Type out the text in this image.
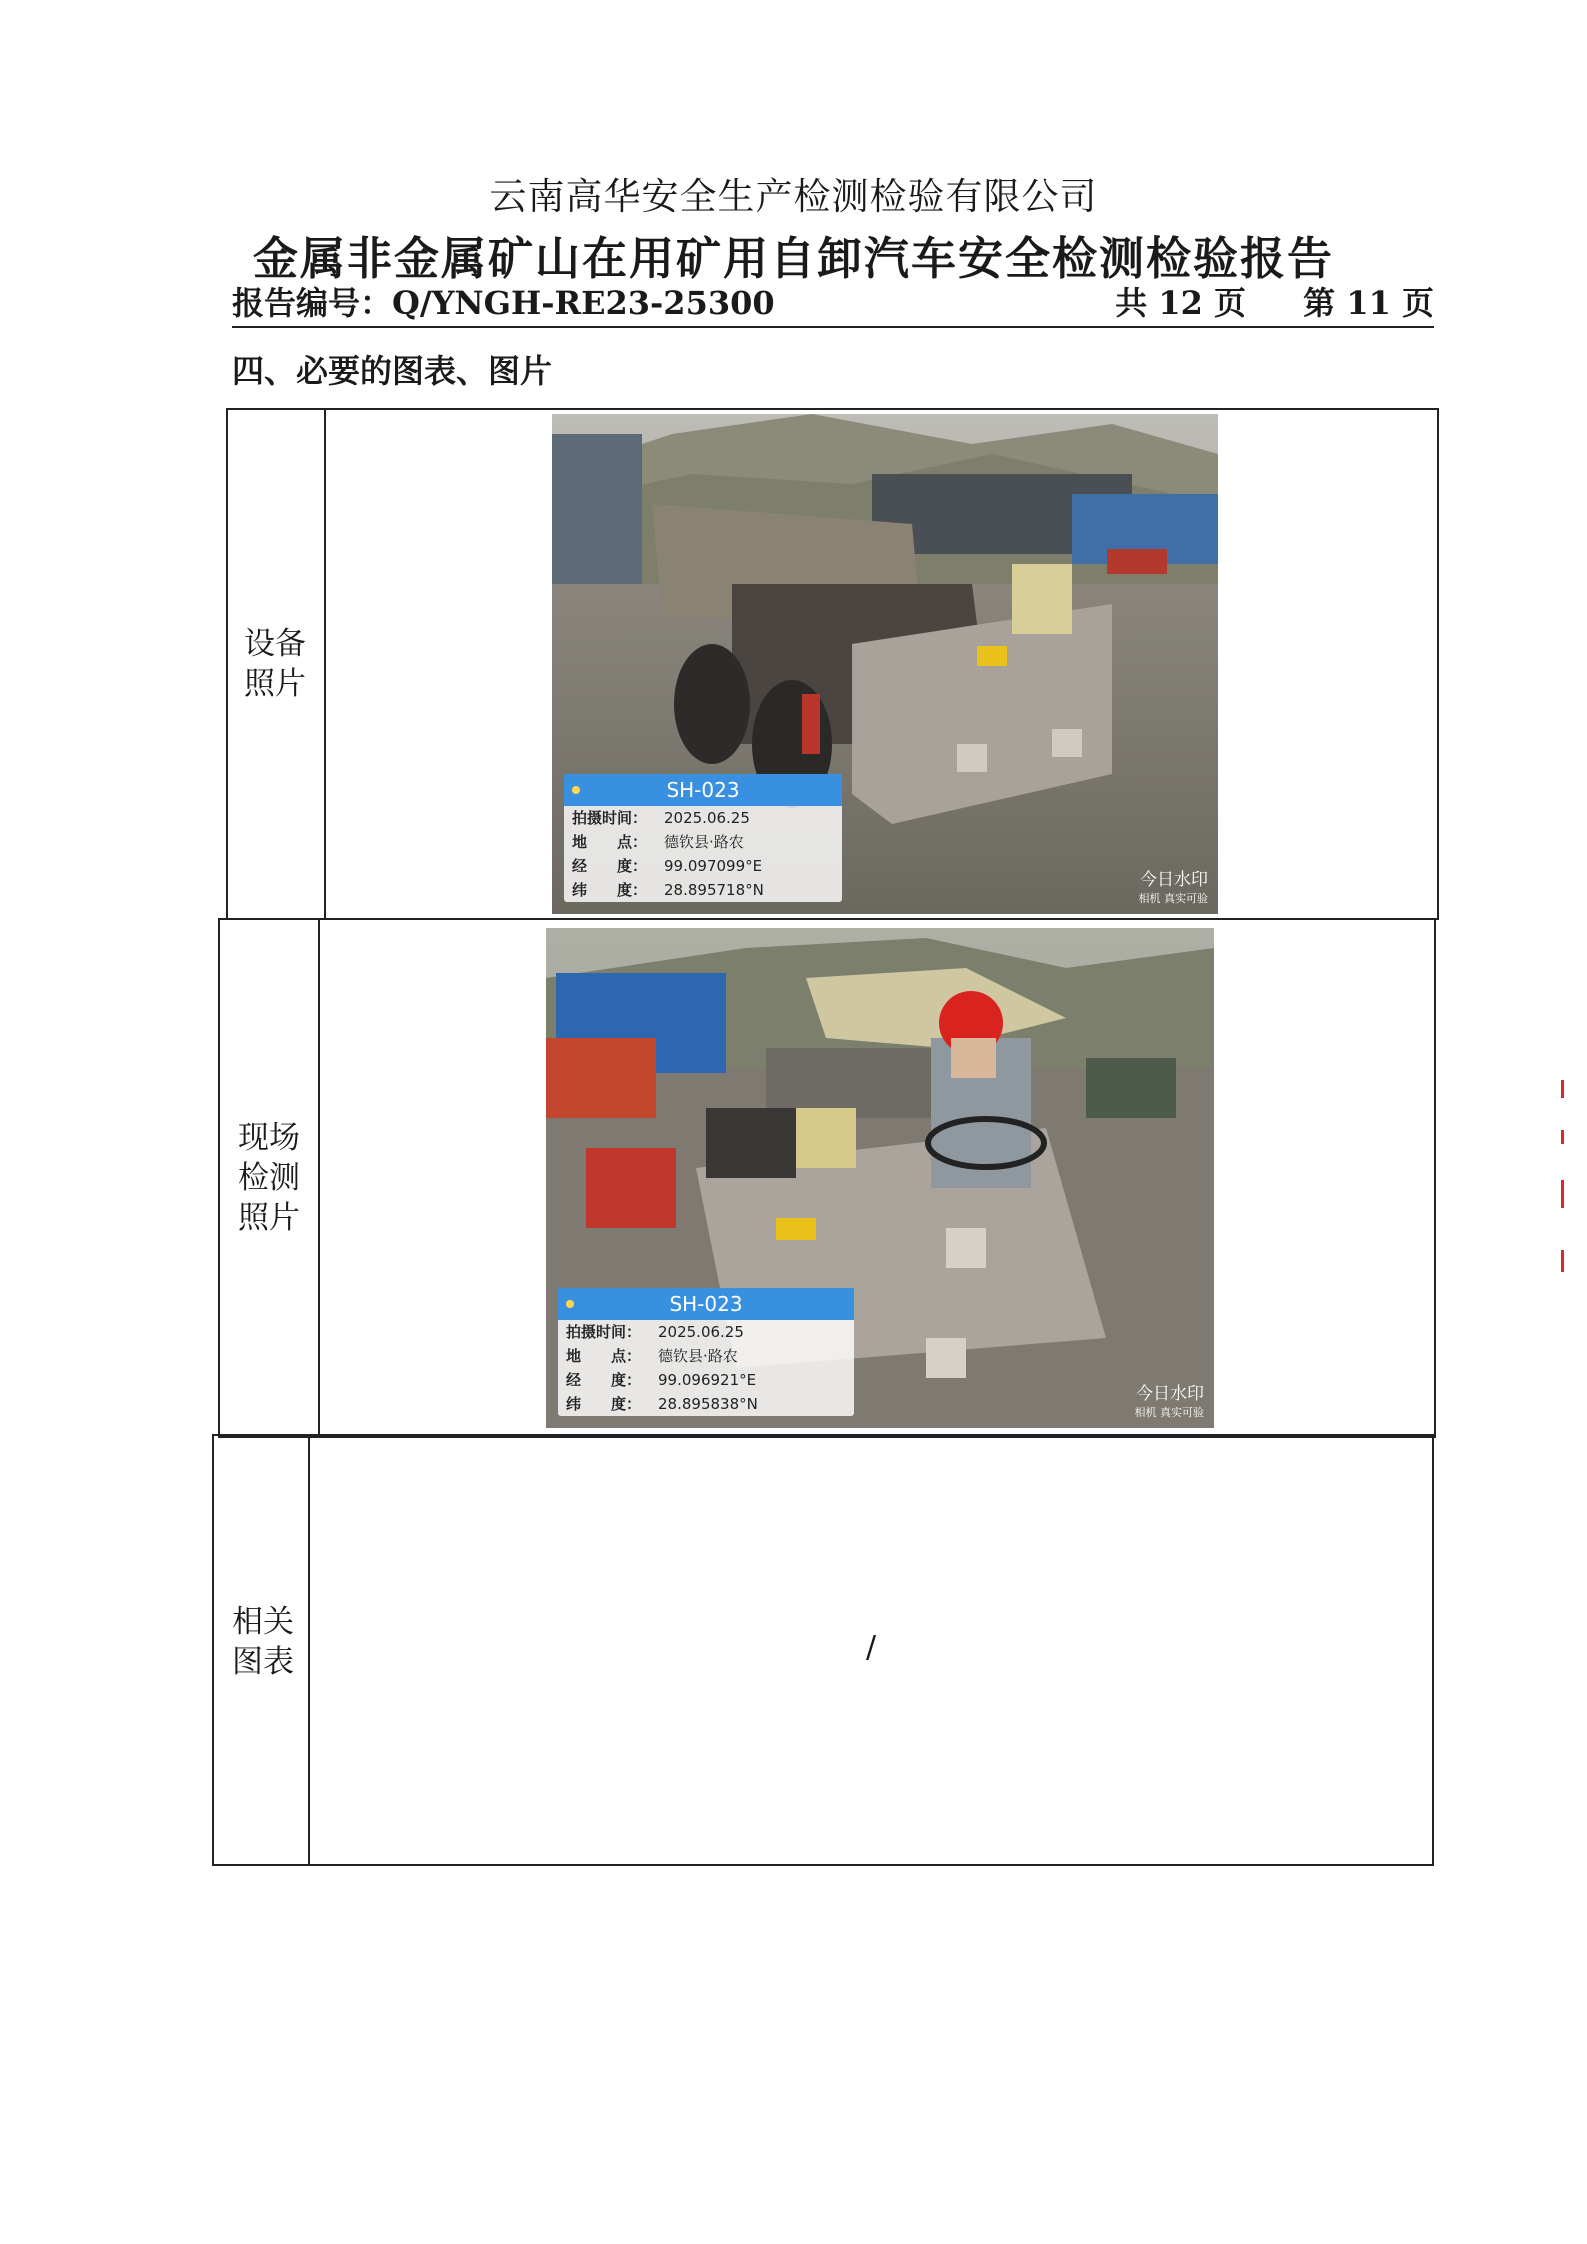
云南高华安全生产检测检验有限公司
金属非金属矿山在用矿用自卸汽车安全检测检验报告
报告编号：Q/YNGH-RE23-25300	共 12 页 第 11 页
四、必要的图表、图片
设备
照片
SH-023
拍摄时间： 2025.06.25
地　　点： 德钦县·路农
经　　度： 99.097099°E
纬　　度： 28.895718°N	今日水印
相机 真实可验
现场
检测
照片
SH-023
拍摄时间： 2025.06.25
地　　点： 德钦县·路农
经　　度： 99.096921°E
纬　　度： 28.895838°N	今日水印
相机 真实可验
相关
图表	/
